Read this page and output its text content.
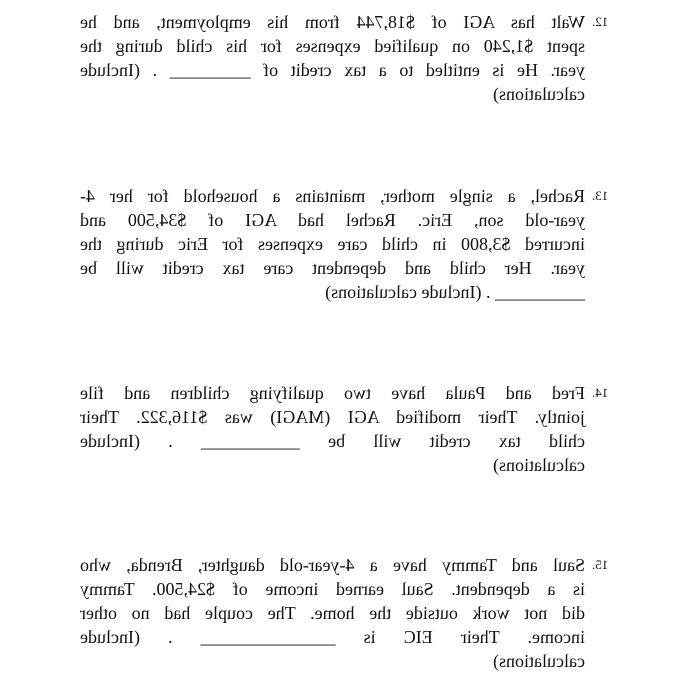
12.
Walt has AGI of $18,744 from his employment, and he
spent $1,240 on qualified expenses for his child during the
year. He is entitled to a tax credit of _________ . (Include
calculations)
13.
Rachel, a single mother, maintains a household for her 4-
year-old son, Eric. Rachel had AGI of $34,500 and
incurred $3,800 in child care expenses for Eric during the
year. Her child and dependent care tax credit will be
__________ . (Include calculations)
14.
Fred and Paula have two qualifying children and file
jointly. Their modified AGI (MAGI) was $116,322. Their
child tax credit will be ___________ . (Include
calculations)
15.
Saul and Tammy have a 4-year-old daughter, Brenda, who
is a dependent. Saul earned income of $24,500. Tammy
did not work outside the home. The couple had no other
income. Their EIC is _______________ . (Include
calculations)
